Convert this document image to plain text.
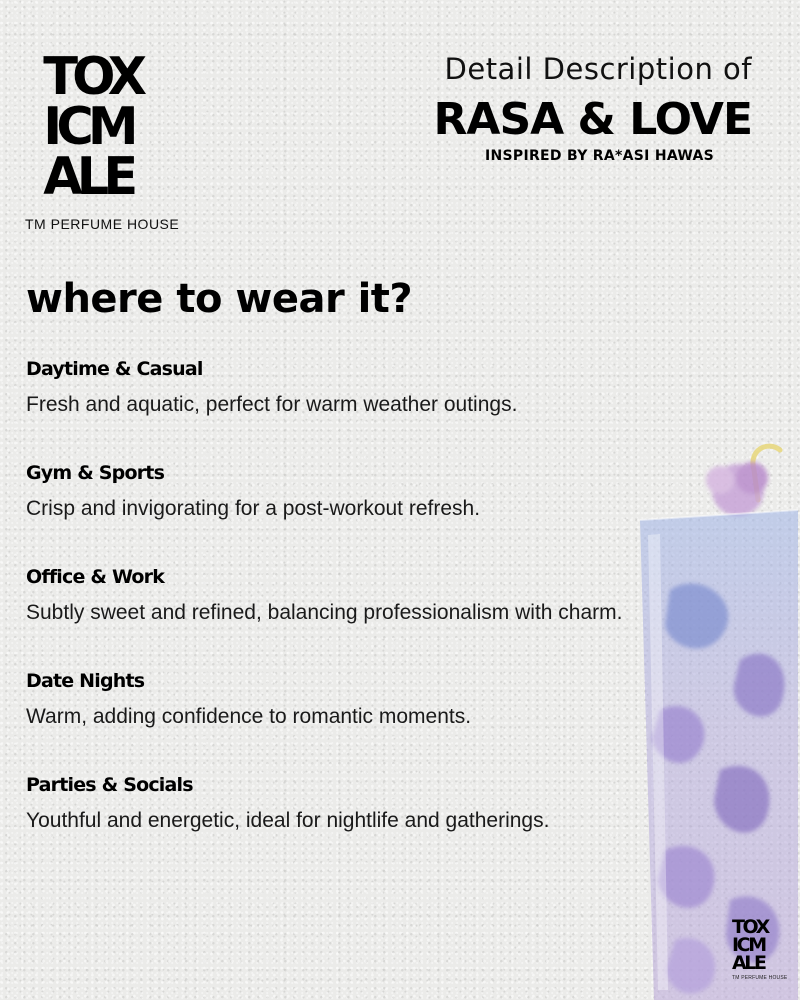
TOX
ICM
ALE
TM PERFUME HOUSE
Detail Description of
RASA & LOVE
INSPIRED BY RA*ASI HAWAS
where to wear it?
Daytime & Casual
Fresh and aquatic, perfect for warm weather outings.
Gym & Sports
Crisp and invigorating for a post-workout refresh.
Office & Work
Subtly sweet and refined, balancing professionalism with charm.
Date Nights
Warm, adding confidence to romantic moments.
Parties & Socials
Youthful and energetic, ideal for nightlife and gatherings.
TOX
ICM
ALE
TM PERFUME HOUSE
